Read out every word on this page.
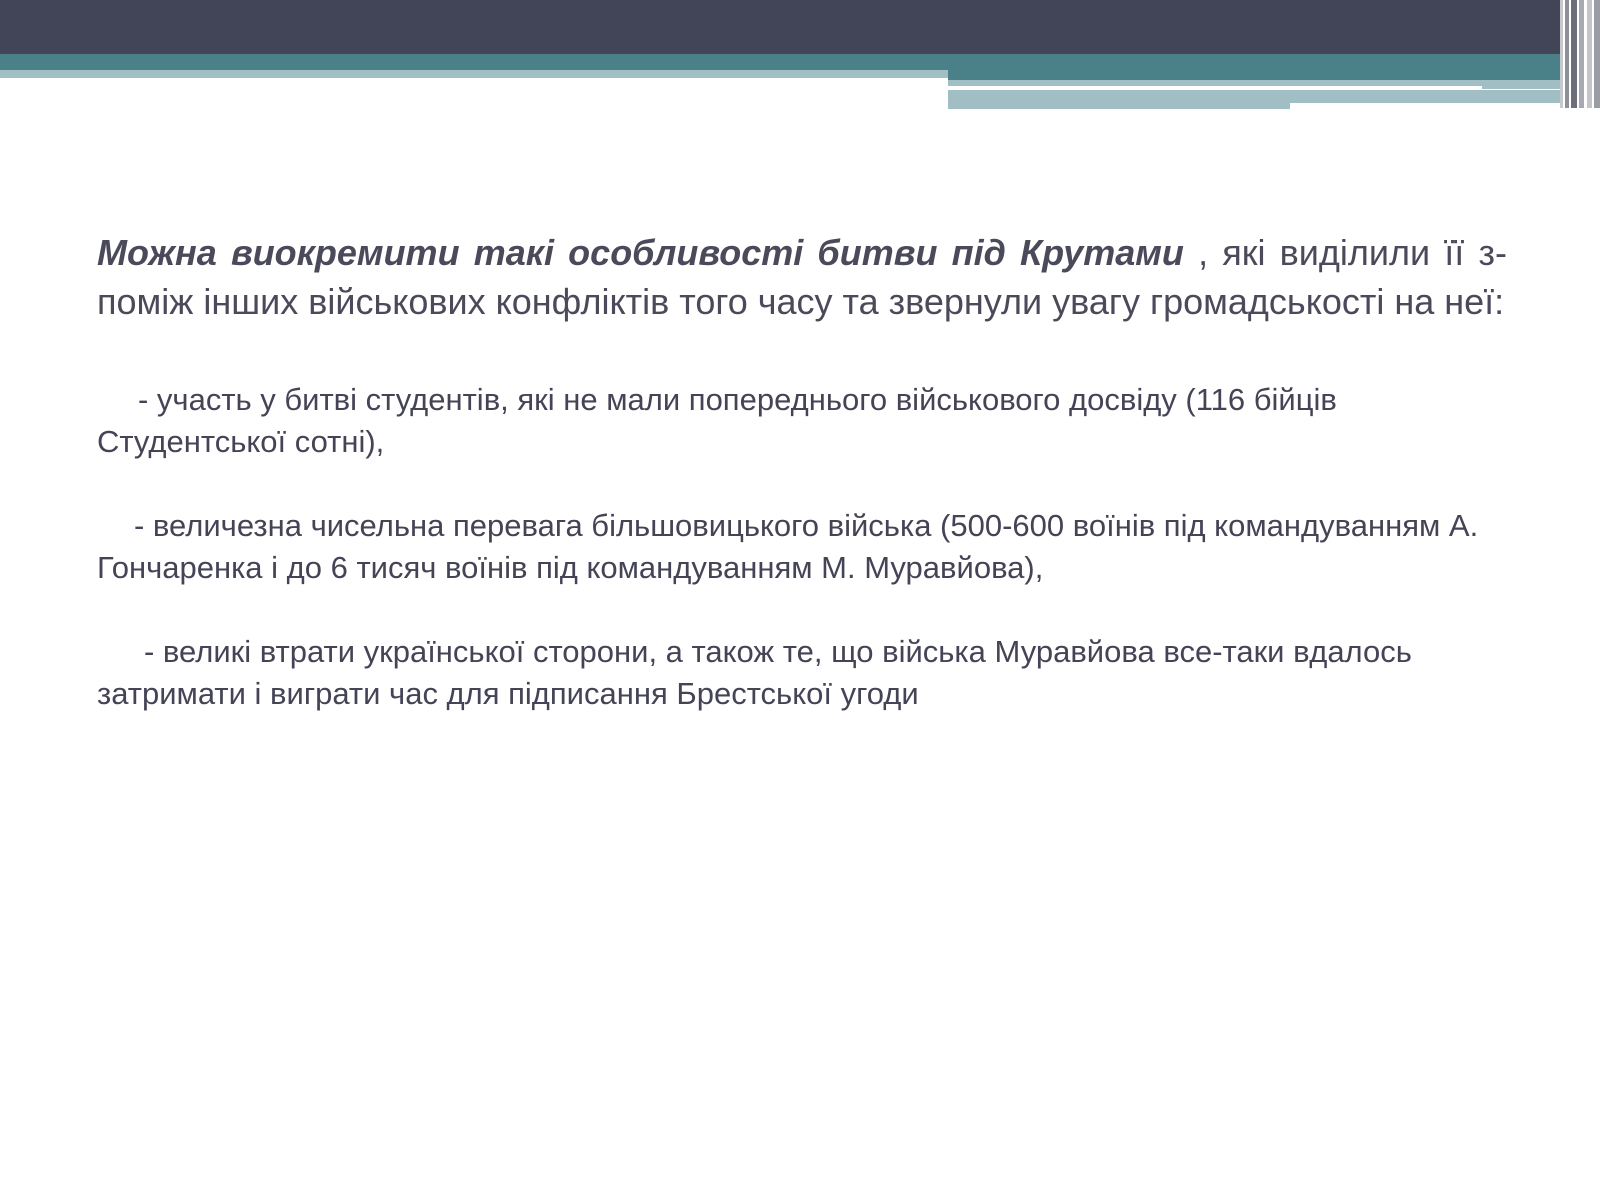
Можна виокремити такі особливості битви під Крутами , які виділили її з-поміж інших військових конфліктів того часу та звернули увагу громадськості на неї:

- участь у битві студентів, які не мали попереднього військового досвіду (116 бійців Студентської сотні),

- величезна чисельна перевага більшовицького війська (500-600 воїнів під командуванням А. Гончаренка і до 6 тисяч воїнів під командуванням М. Муравйова),

- великі втрати української сторони, а також те, що війська Муравйова все-таки вдалось затримати і виграти час для підписання Брестської угоди
